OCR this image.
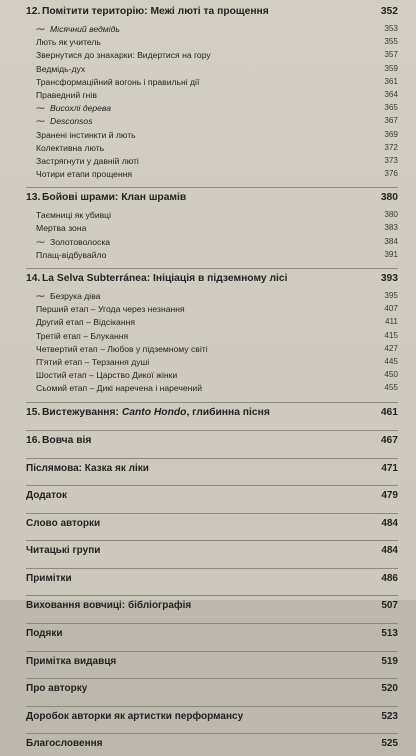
12. Помітити територію: Межі люті та прощення	352
⁓ Місячний ведмідь	353
Лють як учитель	355
Звернутися до знахарки: Видертися на гору	357
Ведмідь-дух	359
Трансформаційний вогонь і правильні дії	361
Праведний гнів	364
⁓ Висохлі дерева	365
⁓ Desconsos	367
Зранені інстинкти й лють	369
Колективна лють	372
Застрягнути у давній люті	373
Чотири етапи прощення	376
13. Бойові шрами: Клан шрамів	380
Таємниці як убивці	380
Мертва зона	383
⁓ Золотоволоска	384
Плащ-відбувайло	391
14. La Selva Subterránea: Ініціація в підземному лісі	393
⁓ Безрука діва	395
Перший етап – Угода через незнання	407
Другий етап – Відсікання	411
Третій етап – Блукання	415
Четвертий етап – Любов у підземному світі	427
П'ятий етап – Терзання душі	445
Шостий етап – Царство Дикої жінки	450
Сьомий етап – Дикі наречена і наречений	455
15. Вистежування: Canto Hondo, глибинна пісня	461
16. Вовча вія	467
Післямова: Казка як ліки	471
Додаток	479
Слово авторки	484
Читацькі групи	484
Примітки	486
Виховання вовчиці: бібліографія	507
Подяки	513
Примітка видавця	519
Про авторку	520
Доробок авторки як артистки перформансу	523
Благословення	525
